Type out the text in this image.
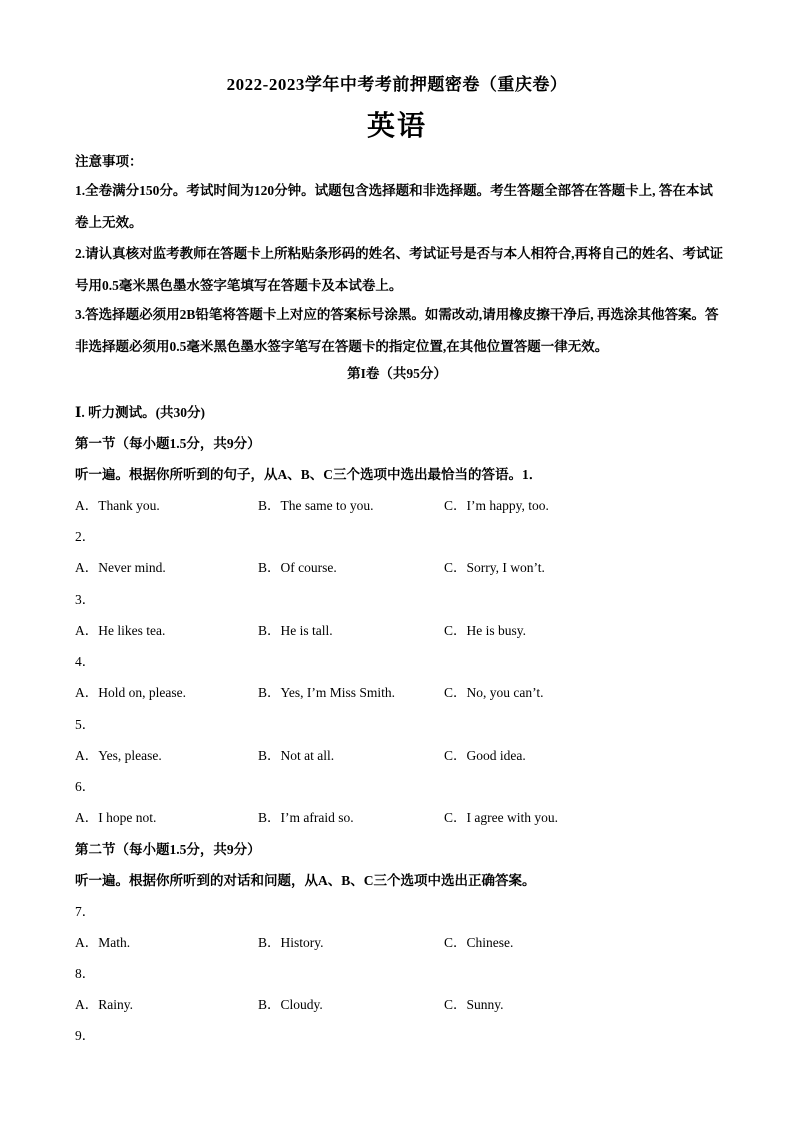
2022-2023学年中考考前押题密卷（重庆卷）
英语
注意事项：
1.全卷满分150分。考试时间为120分钟。试题包含选择题和非选择题。考生答题全部答在答题卡上, 答在本试卷上无效。
2.请认真核对监考教师在答题卡上所粘贴条形码的姓名、考试证号是否与本人相符合,再将自己的姓名、考试证号用0.5毫米黑色墨水签字笔填写在答题卡及本试卷上。
3.答选择题必须用2B铅笔将答题卡上对应的答案标号涂黑。如需改动,请用橡皮擦干净后, 再选涂其他答案。答非选择题必须用0.5毫米黑色墨水签字笔写在答题卡的指定位置,在其他位置答题一律无效。
第I卷（共95分）
Ⅰ. 听力测试。(共30分)
第一节（每小题1.5分，共9分）
听一遍。根据你所听到的句子，从A、B、C三个选项中选出最恰当的答语。1．
A．Thank you.	B．The same to you.	C．I’m happy, too.
2．
A．Never mind.	B．Of course.	C．Sorry, I won’t.
3．
A．He likes tea.	B．He is tall.	C．He is busy.
4．
A．Hold on, please.	B．Yes, I’m Miss Smith.	C．No, you can’t.
5．
A．Yes, please.	B．Not at all.	C．Good idea.
6．
A．I hope not.	B．I’m afraid so.	C．I agree with you.
第二节（每小题1.5分，共9分）
听一遍。根据你所听到的对话和问题，从A、B、C三个选项中选出正确答案。
7．
A．Math.	B．History.	C．Chinese.
8．
A．Rainy.	B．Cloudy.	C．Sunny.
9．
